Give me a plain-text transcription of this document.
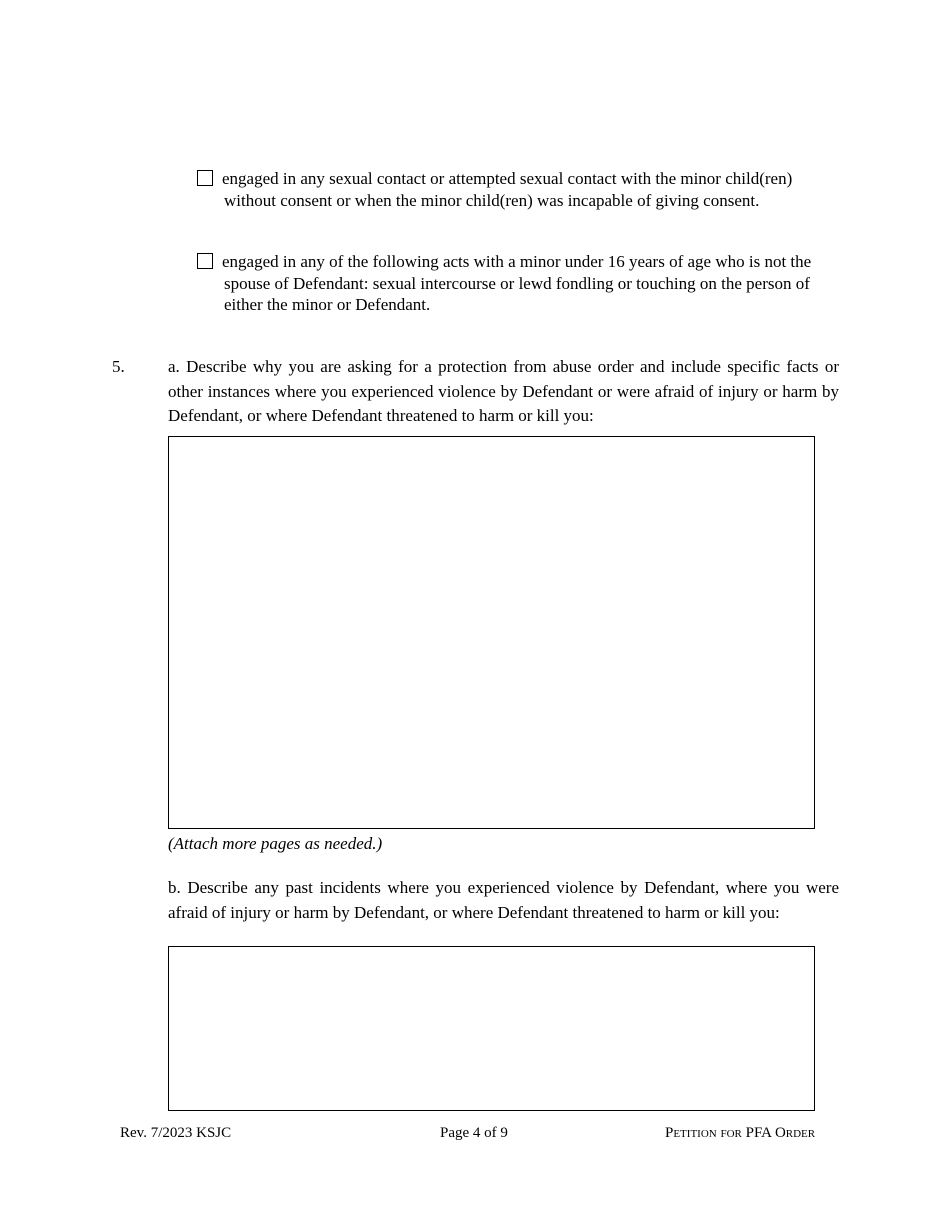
engaged in any sexual contact or attempted sexual contact with the minor child(ren) without consent or when the minor child(ren) was incapable of giving consent.
engaged in any of the following acts with a minor under 16 years of age who is not the spouse of Defendant: sexual intercourse or lewd fondling or touching on the person of either the minor or Defendant.
5.	a. Describe why you are asking for a protection from abuse order and include specific facts or other instances where you experienced violence by Defendant or were afraid of injury or harm by Defendant, or where Defendant threatened to harm or kill you:
(Attach more pages as needed.)
b. Describe any past incidents where you experienced violence by Defendant, where you were afraid of injury or harm by Defendant, or where Defendant threatened to harm or kill you:
Rev. 7/2023 KSJC	Page 4 of 9	Petition for PFA Order
